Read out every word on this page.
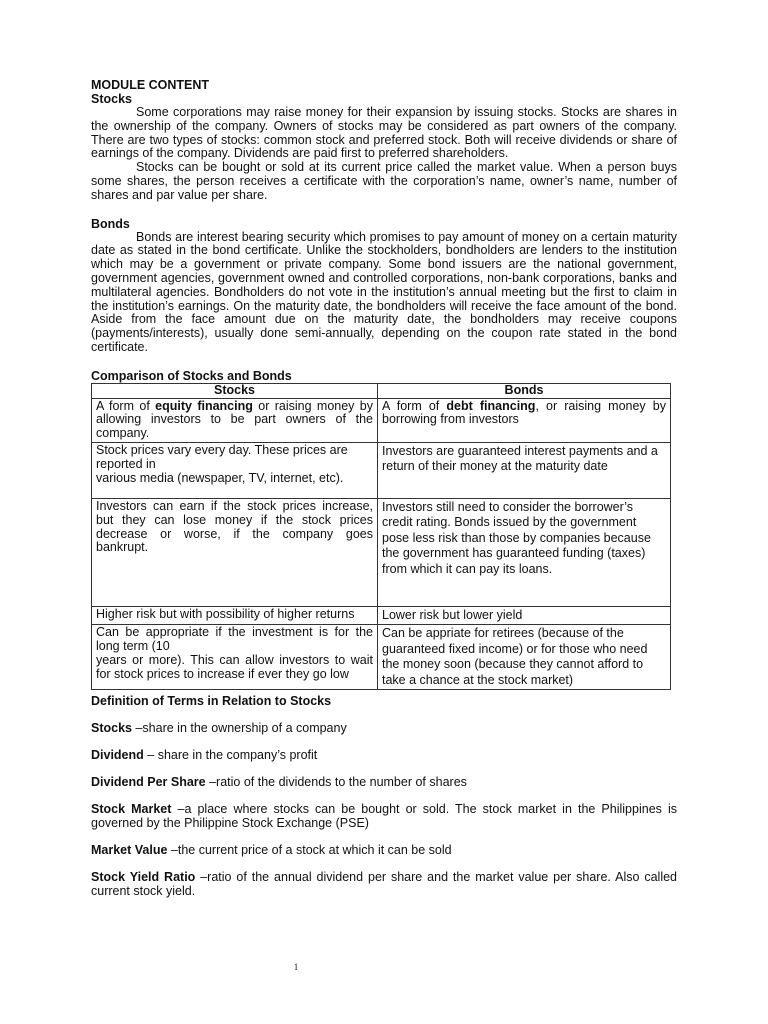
MODULE CONTENT
Stocks

Some corporations may raise money for their expansion by issuing stocks. Stocks are shares in the ownership of the company. Owners of stocks may be considered as part owners of the company. There are two types of stocks: common stock and preferred stock. Both will receive dividends or share of earnings of the company. Dividends are paid first to preferred shareholders.

Stocks can be bought or sold at its current price called the market value. When a person buys some shares, the person receives a certificate with the corporation’s name, owner’s name, number of shares and par value per share.

Bonds

Bonds are interest bearing security which promises to pay amount of money on a certain maturity date as stated in the bond certificate. Unlike the stockholders, bondholders are lenders to the institution which may be a government or private company. Some bond issuers are the national government, government agencies, government owned and controlled corporations, non-bank corporations, banks and multilateral agencies. Bondholders do not vote in the institution’s annual meeting but the first to claim in the institution’s earnings. On the maturity date, the bondholders will receive the face amount of the bond. Aside from the face amount due on the maturity date, the bondholders may receive coupons (payments/interests), usually done semi-annually, depending on the coupon rate stated in the bond certificate.

Comparison of Stocks and Bonds
Stocks	Bonds
A form of equity financing or raising money by allowing investors to be part owners of the company.	A form of debt financing, or raising money by borrowing from investors
Stock prices vary every day. These prices are reported in
various media (newspaper, TV, internet, etc).	Investors are guaranteed interest payments and a return of their money at the maturity date
Investors can earn if the stock prices increase, but they can lose money if the stock prices decrease or worse, if the company goes bankrupt.	Investors still need to consider the borrower’s credit rating. Bonds issued by the government pose less risk than those by companies because the government has guaranteed funding (taxes) from which it can pay its loans.
Higher risk but with possibility of higher returns	Lower risk but lower yield
Can be appropriate if the investment is for the long term (10
years or more). This can allow investors to wait for stock prices to increase if ever they go low	Can be appriate for retirees (because of the guaranteed fixed income) or for those who need the money soon (because they cannot afford to take a chance at the stock market)
Definition of Terms in Relation to Stocks

Stocks –share in the ownership of a company

Dividend – share in the company’s profit

Dividend Per Share –ratio of the dividends to the number of shares

Stock Market –a place where stocks can be bought or sold. The stock market in the Philippines is governed by the Philippine Stock Exchange (PSE)

Market Value –the current price of a stock at which it can be sold

Stock Yield Ratio –ratio of the annual dividend per share and the market value per share. Also called current stock yield.

1
